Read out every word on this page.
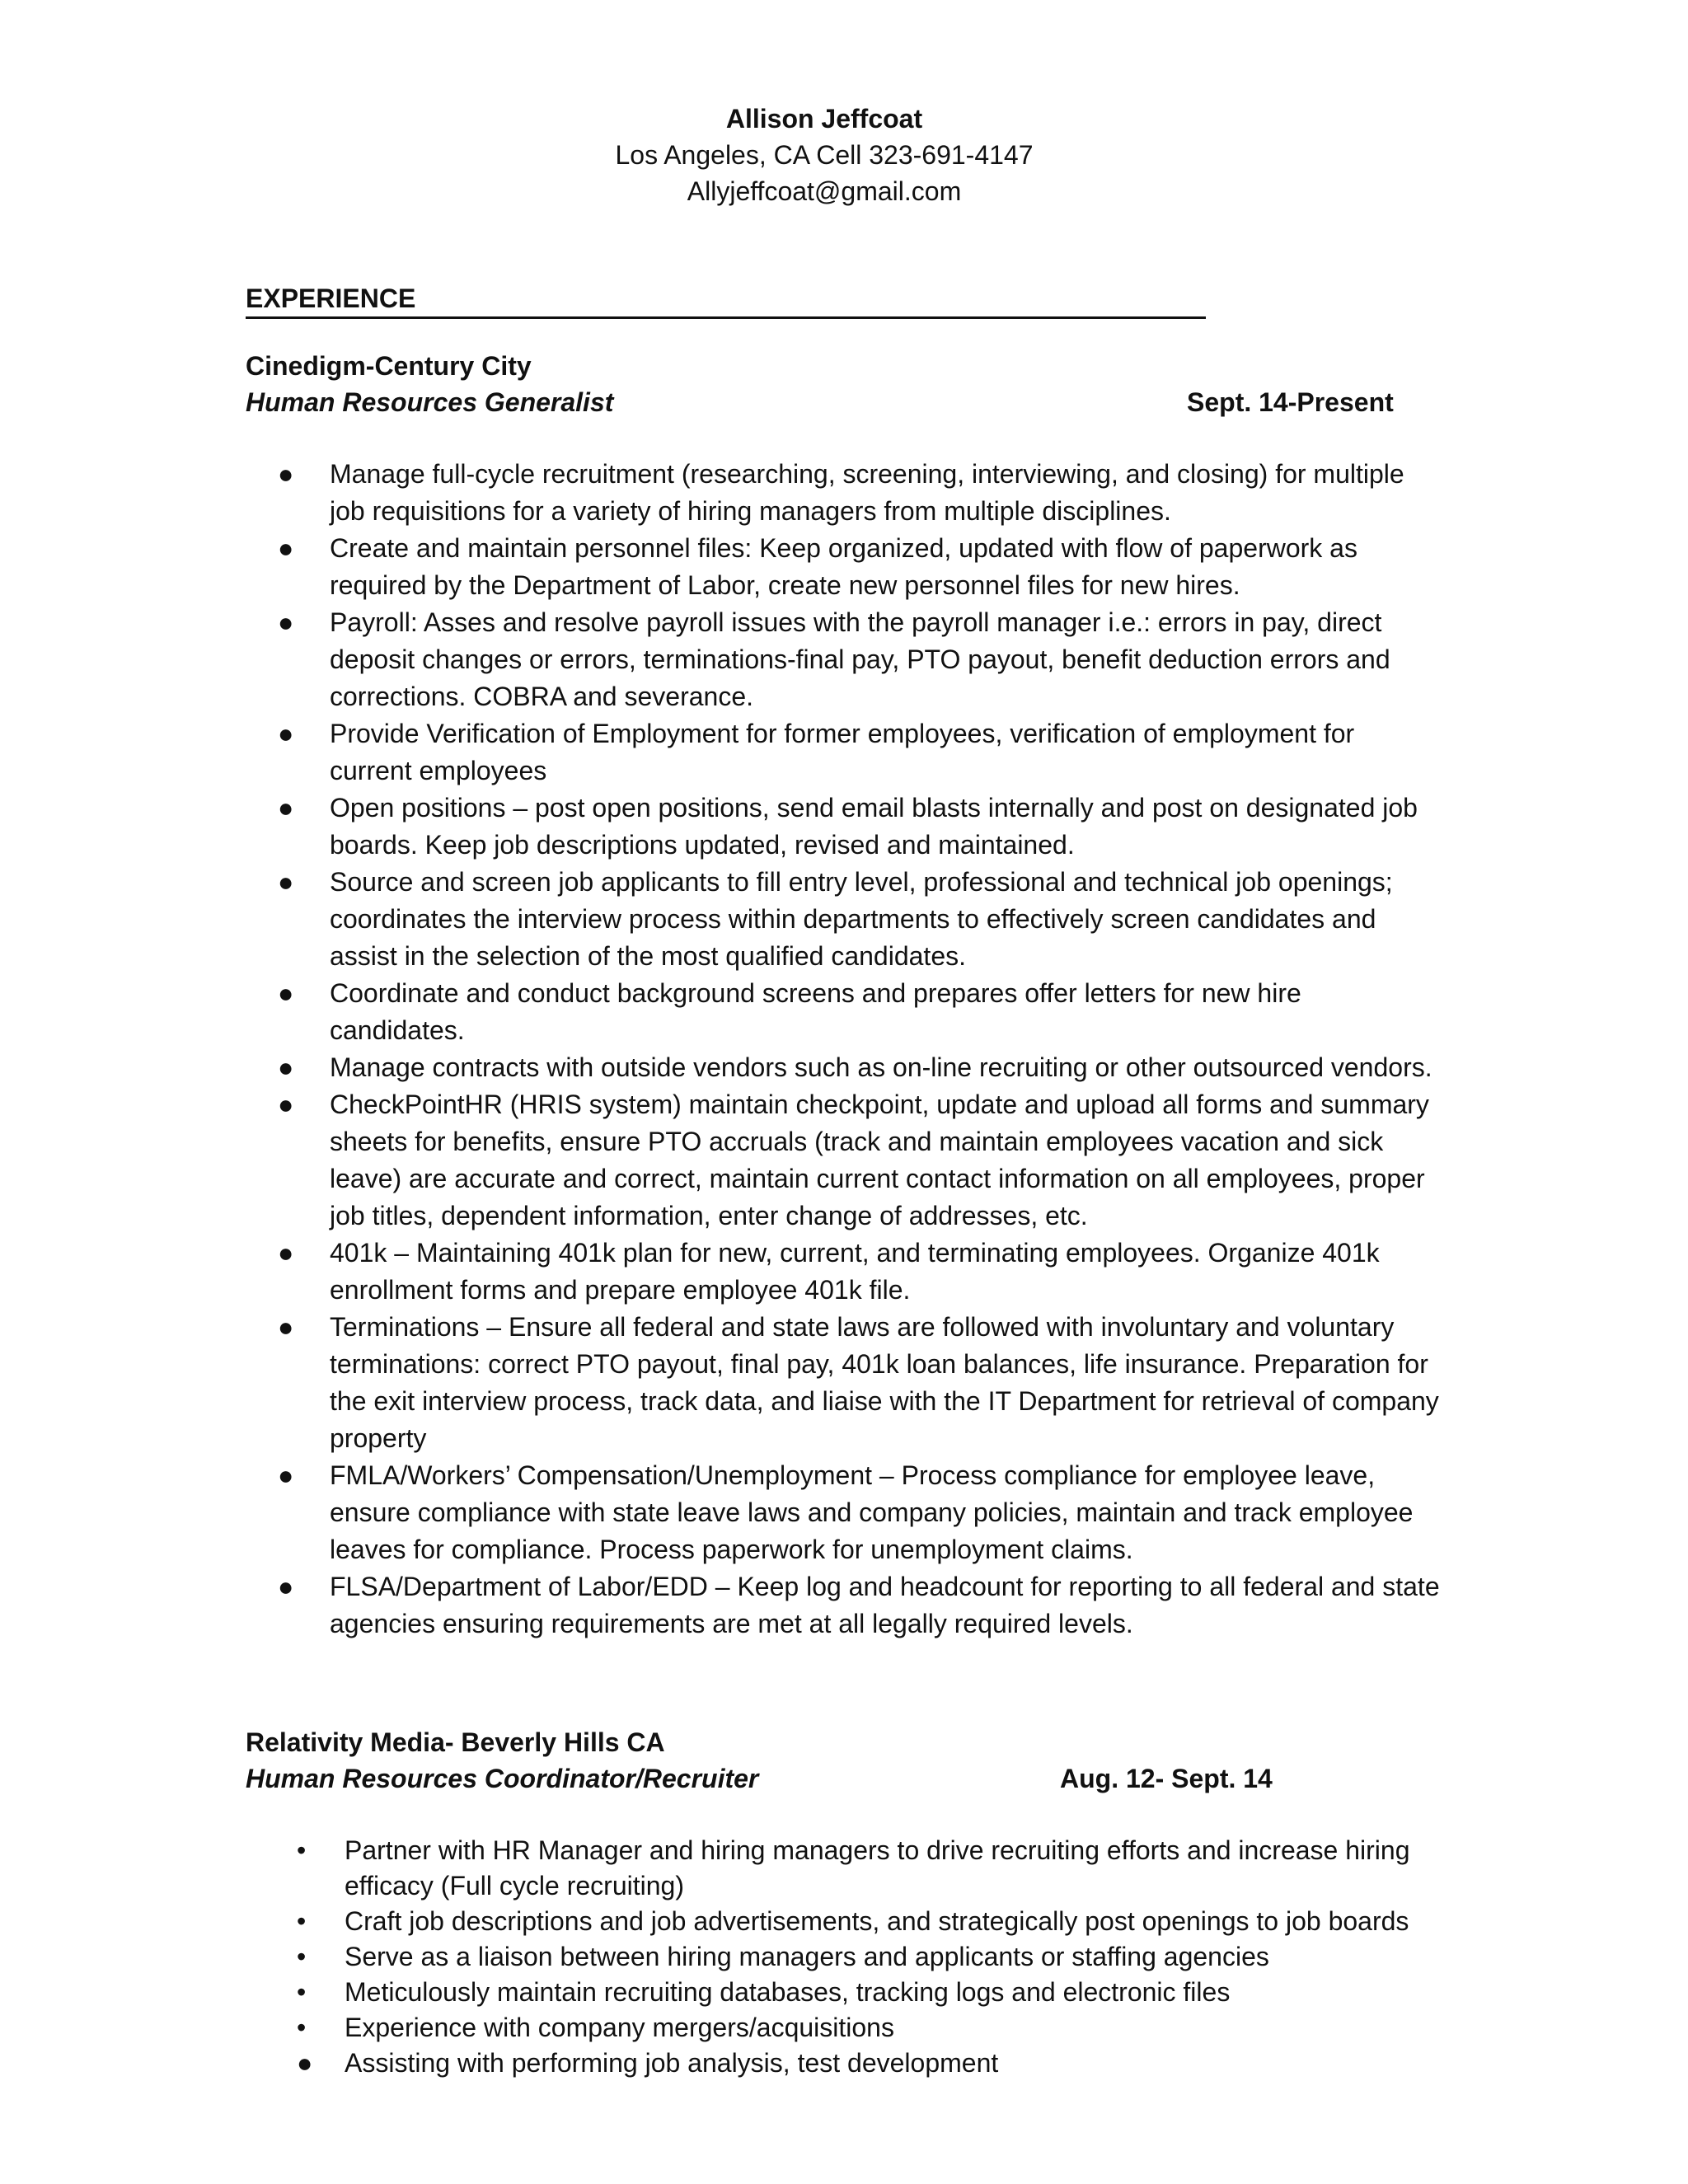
Allison Jeffcoat
Los Angeles, CA Cell 323-691-4147
Allyjeffcoat@gmail.com
EXPERIENCE
Cinedigm-Century City
Human Resources Generalist	Sept. 14-Present
● Manage full-cycle recruitment (researching, screening, interviewing, and closing) for multiple job requisitions for a variety of hiring managers from multiple disciplines.
● Create and maintain personnel files: Keep organized, updated with flow of paperwork as required by the Department of Labor, create new personnel files for new hires.
● Payroll: Asses and resolve payroll issues with the payroll manager i.e.: errors in pay, direct deposit changes or errors, terminations-final pay, PTO payout, benefit deduction errors and corrections. COBRA and severance.
● Provide Verification of Employment for former employees, verification of employment for current employees
● Open positions – post open positions, send email blasts internally and post on designated job boards. Keep job descriptions updated, revised and maintained.
● Source and screen job applicants to fill entry level, professional and technical job openings; coordinates the interview process within departments to effectively screen candidates and assist in the selection of the most qualified candidates.
● Coordinate and conduct background screens and prepares offer letters for new hire candidates.
● Manage contracts with outside vendors such as on-line recruiting or other outsourced vendors.
● CheckPointHR (HRIS system) maintain checkpoint, update and upload all forms and summary sheets for benefits, ensure PTO accruals (track and maintain employees vacation and sick leave) are accurate and correct, maintain current contact information on all employees, proper job titles, dependent information, enter change of addresses, etc.
● 401k – Maintaining 401k plan for new, current, and terminating employees. Organize 401k enrollment forms and prepare employee 401k file.
● Terminations – Ensure all federal and state laws are followed with involuntary and voluntary terminations: correct PTO payout, final pay, 401k loan balances, life insurance. Preparation for the exit interview process, track data, and liaise with the IT Department for retrieval of company property
● FMLA/Workers’ Compensation/Unemployment – Process compliance for employee leave, ensure compliance with state leave laws and company policies, maintain and track employee leaves for compliance. Process paperwork for unemployment claims.
● FLSA/Department of Labor/EDD – Keep log and headcount for reporting to all federal and state agencies ensuring requirements are met at all legally required levels.
Relativity Media- Beverly Hills CA
Human Resources Coordinator/Recruiter	Aug. 12- Sept. 14
• Partner with HR Manager and hiring managers to drive recruiting efforts and increase hiring efficacy (Full cycle recruiting)
• Craft job descriptions and job advertisements, and strategically post openings to job boards
• Serve as a liaison between hiring managers and applicants or staffing agencies
• Meticulously maintain recruiting databases, tracking logs and electronic files
• Experience with company mergers/acquisitions
● Assisting with performing job analysis, test development
